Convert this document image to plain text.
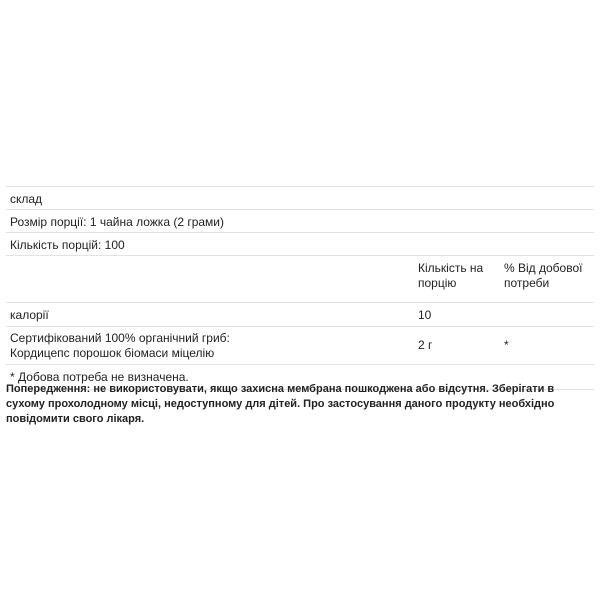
склад
Розмір порції: 1 чайна ложка (2 грами)
Кількість порцій: 100
Кількість на порцію
% Від добової потреби
калорії	10
Сертифікований 100% органічний гриб:
Кордицепс порошок біомаси міцелію
2 г	*
* Добова потреба не визначена.
Попередження: не використовувати, якщо захисна мембрана пошкоджена або відсутня. Зберігати в сухому прохолодному місці, недоступному для дітей. Про застосування даного продукту необхідно повідомити свого лікаря.
